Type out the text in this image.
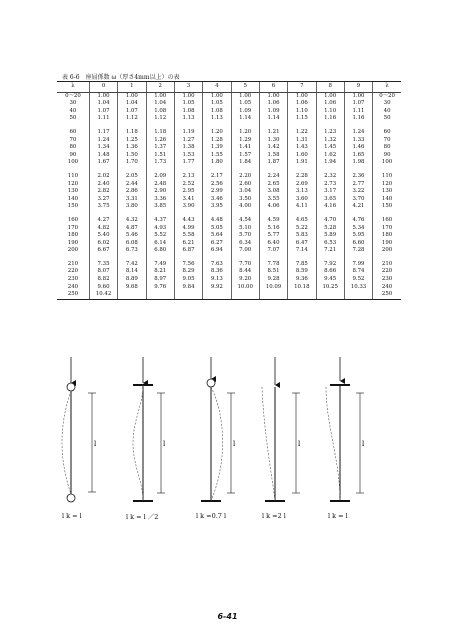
表 6-6　座屈係数 ω（厚さ4mm以上）の表
λ	0	1	2	3	4	5	6	7	8	9	λ
0～20	1.00	1.00	1.00	1.00	1.00	1.00	1.00	1.00	1.00	1.00	0～20
30	1.04	1.04	1.04	1.05	1.05	1.05	1.06	1.06	1.06	1.07	30
40	1.07	1.07	1.08	1.08	1.08	1.09	1.09	1.10	1.10	1.11	40
50	1.11	1.12	1.12	1.13	1.13	1.14	1.14	1.15	1.16	1.16	50

60	1.17	1.18	1.18	1.19	1.20	1.20	1.21	1.22	1.23	1.24	60
70	1.24	1.25	1.26	1.27	1.28	1.29	1.30	1.31	1.32	1.33	70
80	1.34	1.36	1.37	1.38	1.39	1.41	1.42	1.43	1.45	1.46	80
90	1.48	1.50	1.51	1.53	1.55	1.57	1.58	1.60	1.62	1.65	90
100	1.67	1.70	1.73	1.77	1.80	1.84	1.87	1.91	1.94	1.98	100

110	2.02	2.05	2.09	2.13	2.17	2.20	2.24	2.28	2.32	2.36	110
120	2.40	2.44	2.48	2.52	2.56	2.60	2.65	2.69	2.73	2.77	120
130	2.82	2.86	2.90	2.95	2.99	3.04	3.08	3.13	3.17	3.22	130
140	3.27	3.31	3.36	3.41	3.46	3.50	3.55	3.60	3.65	3.70	140
150	3.75	3.80	3.85	3.90	3.95	4.00	4.06	4.11	4.16	4.21	150

160	4.27	4.32	4.37	4.43	4.48	4.54	4.59	4.65	4.70	4.76	160
170	4.82	4.87	4.93	4.99	5.05	5.10	5.16	5.22	5.28	5.34	170
180	5.40	5.46	5.52	5.58	5.64	5.70	5.77	5.83	5.89	5.95	180
190	6.02	6.08	6.14	6.21	6.27	6.34	6.40	6.47	6.53	6.60	190
200	6.67	6.73	6.80	6.87	6.94	7.00	7.07	7.14	7.21	7.28	200

210	7.35	7.42	7.49	7.56	7.63	7.70	7.78	7.85	7.92	7.99	210
220	8.07	8.14	8.21	8.29	8.36	8.44	8.51	8.59	8.66	8.74	220
230	8.82	8.89	8.97	9.05	9.13	9.20	9.28	9.36	9.45	9.52	230
240	9.60	9.68	9.76	9.84	9.92	10.00	10.09	10.18	10.25	10.33	240
250	10.42										250
l	l	l	l	l
l k = l	l k = l ／2	l k =0.7 l	l k =2 l	l k = l
6-41
